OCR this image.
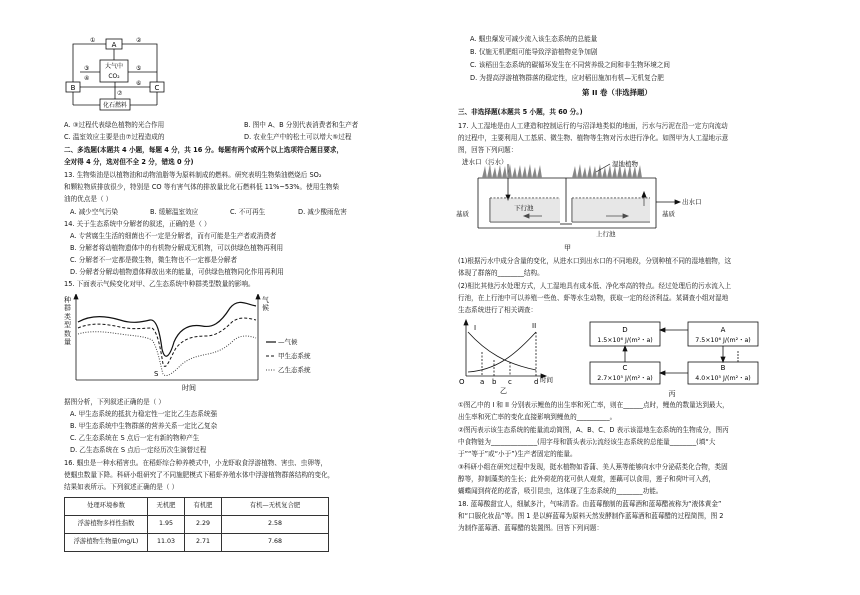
A
大气中
CO₂
B	C
化石燃料
①	②
③
④
⑤
⑥
⑦
A. ③过程代表绿色植物的光合作用	B. 图中 A、B 分别代表消费者和生产者
C. 温室效应主要是由⑦过程造成的	D. 农业生产中的松土可以增大⑤过程
二、多选题(本题共 4 小题，每题 4 分，共 16 分。每题有两个或两个以上选项符合题目要求，
全对得 4 分，选对但不全 2 分，错选 0 分)
13. 生物柴油是以植物油和动物油脂等为原料制成的燃料。研究表明生物柴油燃烧后 SO₂
和颗粒物质排放很少，特别是 CO 等有害气体的排放量比化石燃料低 11%~53%。使用生物柴
油的优点是（ ）
A. 减少空气污染	B. 缓解温室效应	C. 不可再生	D. 减少酸雨危害
14. 关于生态系统中分解者的叙述，正确的是（ ）
A. 专营腐生生活的细菌也不一定是分解者，而有可能是生产者或消费者
B. 分解者将动植物遗体中的有机物分解成无机物，可以供绿色植物再利用
C. 分解者不一定都是微生物，微生物也不一定都是分解者
D. 分解者分解动植物遗体释放出来的能量，可供绿色植物同化作用再利用
15. 下面表示气候变化对甲、乙生态系统中种群类型数量的影响。
种
群
类
型
数
量
气
候
S
—气候
甲生态系统
乙生态系统
时间
据图分析，下列叙述正确的是（ ）
A. 甲生态系统的抵抗力稳定性一定比乙生态系统强
B. 甲生态系统中生物群落的营养关系一定比乙复杂
C. 乙生态系统在 S 点后一定有新的物种产生
D. 乙生态系统在 S 点后一定经历次生演替过程
16. 蝈虫是一种水稻害虫。在稻虾综合种养模式中，小龙虾取食浮游植物、害虫、虫卵等，
使蝈虫数量下降。科研小组研究了不同施肥模式下稻虾养殖水体中浮游植物群落结构的变化，
结果如表所示。下列叙述正确的是（ ）
处理环境参数	无机肥	有机肥	有机—无机复合肥
浮游植物多样性指数	1.95	2.29	2.58
浮游植物生物量(mg/L)	11.03	2.71	7.68
A. 蝈虫爆发可减少流入该生态系统的总能量
B. 仅施无机肥组可能导致浮游植物竞争加剧
C. 该稻田生态系统的碳循环发生在不同营养级之间和非生物环境之间
D. 为提高浮游植物群落的稳定性，应对稻田施加有机—无机复合肥
第 II 卷（非选择题）
三、非选择题(本题共 5 小题，共 60 分。)
17. 人工湿地是由人工建造和控制运行的与沼泽地类似的地面，污水与污泥在沿一定方向流动
的过程中，主要利用人工基质、微生物、植物等生物对污水进行净化。如图甲为人工湿地示意
图，回答下列问题：
进水口（污水）	湿地植物
出水口
基质	基质
下行池
上行池
甲
(1)根据污水中成分含量的变化，从进水口到出水口的不同地段，分别种植不同的湿地植物，这
体现了群落的________结构。
(2)相比其他污水处理方式，人工湿地具有成本低、净化率高的特点。经过处理后的污水流入上
行池，在上行池中可以养殖一些鱼、虾等水生动物，获取一定的经济利益。某调查小组对湿地
生态系统进行了相关调查：
I	II
O a b c	d 时间
乙
D
1.5×10⁶ J/(m²・a)
A
7.5×10⁶ J/(m²・a)
C
2.7×10⁵ J/(m²・a)
B
4.0×10⁵ J/(m²・a)
丙
①图乙中的 I 和 II 分别表示鲤鱼的出生率和死亡率，则在______点时，鲤鱼的数量达到最大，
出生率和死亡率的变化直接影响到鲤鱼的__________。
②图丙表示该生态系统的能量流动简图，A、B、C、D 表示该湿地生态系统的生物成分，图丙
中食物链为______________(用字母和箭头表示);流经该生态系统的总能量________(填“大
于”“等于”或“小于”)生产者固定的能量。
③科研小组在研究过程中发现，挺水植物如香蒲、美人蕉等能够向水中分泌萜类化合物，类固
醇等，抑制藻类的生长；此外荷花的花可供人观赏，莲藕可以食用，莲子和荷叶可入药，
蝴蝶闻到荷花的花香，吸引昆虫，这体现了生态系统的________功能。
18. 蓝莓酸甜宜人，细腻多汁，气味清香。由蓝莓酿制的蓝莓酒和蓝莓醋被称为“液体黄金”
和“口服化妆品”等。图 1 是以鲜蓝莓为原料天然发酵制作蓝莓酒和蓝莓醋的过程简图，图 2
为制作蓝莓酒、蓝莓醋的装置图。回答下列问题：
